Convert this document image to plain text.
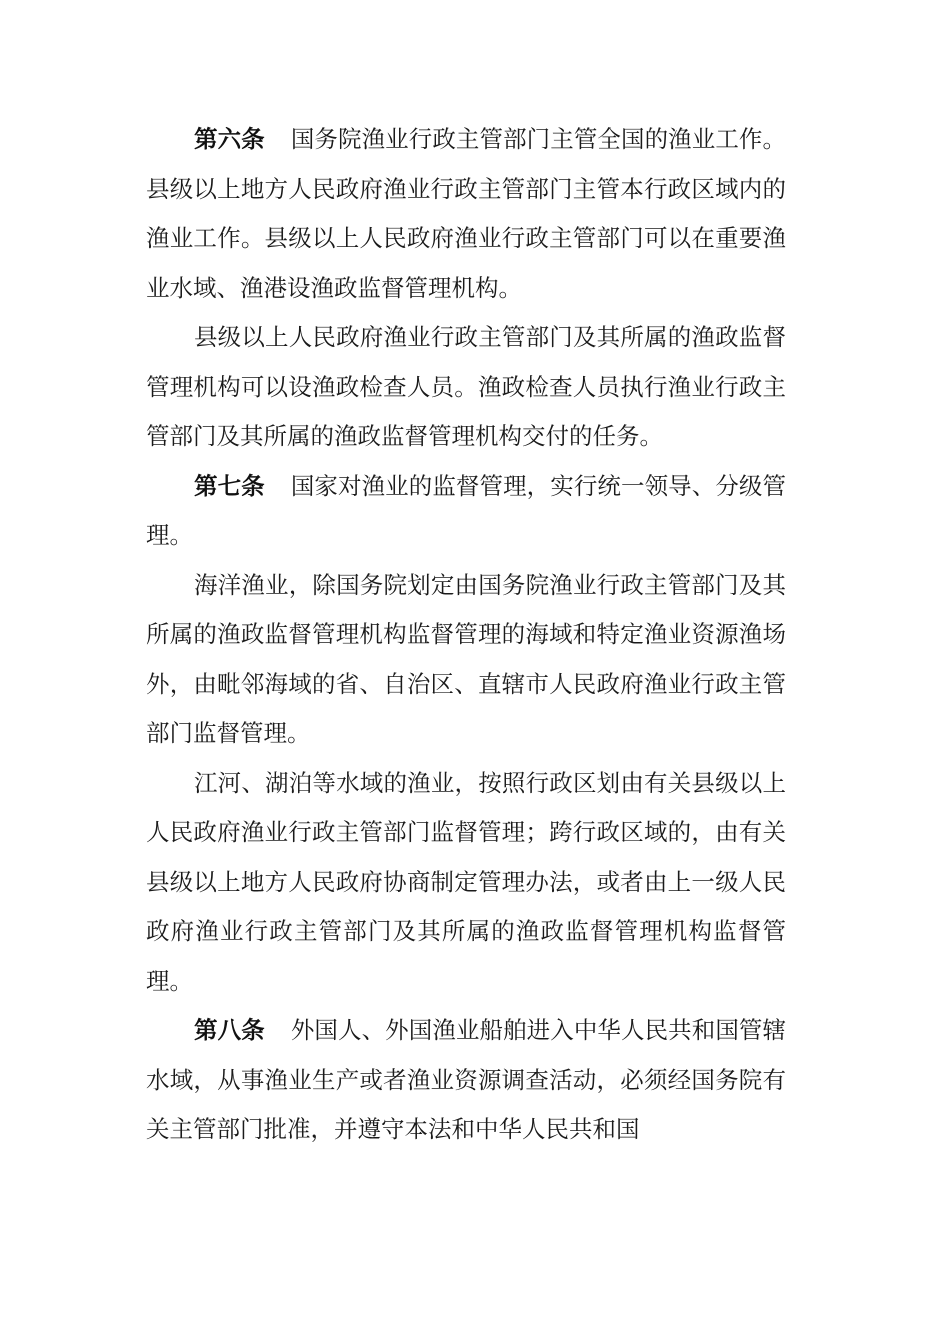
第六条 国务院渔业行政主管部门主管全国的渔业工作。县级以上地方人民政府渔业行政主管部门主管本行政区域内的渔业工作。县级以上人民政府渔业行政主管部门可以在重要渔业水域、渔港设渔政监督管理机构。

县级以上人民政府渔业行政主管部门及其所属的渔政监督管理机构可以设渔政检查人员。渔政检查人员执行渔业行政主管部门及其所属的渔政监督管理机构交付的任务。

第七条 国家对渔业的监督管理，实行统一领导、分级管理。

海洋渔业，除国务院划定由国务院渔业行政主管部门及其所属的渔政监督管理机构监督管理的海域和特定渔业资源渔场外，由毗邻海域的省、自治区、直辖市人民政府渔业行政主管部门监督管理。

江河、湖泊等水域的渔业，按照行政区划由有关县级以上人民政府渔业行政主管部门监督管理；跨行政区域的，由有关县级以上地方人民政府协商制定管理办法，或者由上一级人民政府渔业行政主管部门及其所属的渔政监督管理机构监督管理。

第八条 外国人、外国渔业船舶进入中华人民共和国管辖水域，从事渔业生产或者渔业资源调查活动，必须经国务院有关主管部门批准，并遵守本法和中华人民共和国
